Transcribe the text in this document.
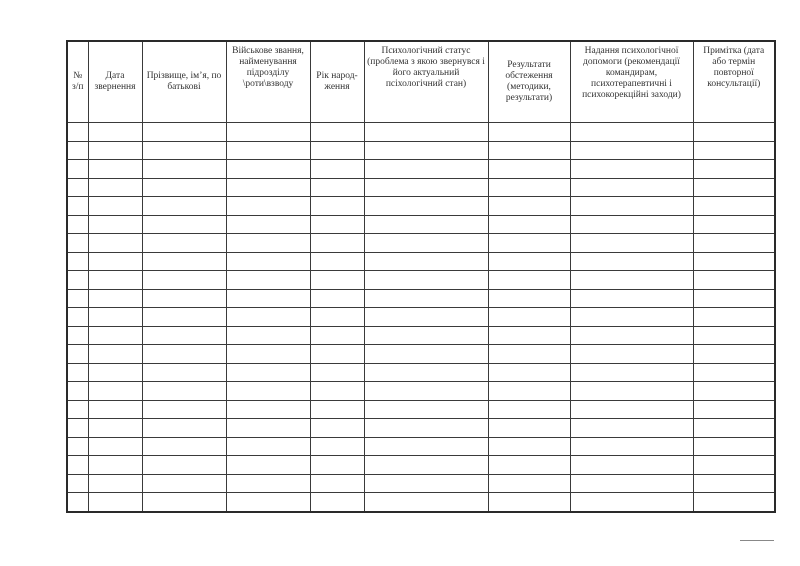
№ з/п	Дата звернення	Прізвище, ім’я, по батькові	Військове звання, найменування підрозділу \роти\взводу	Рік народ-ження	Психологічний статус (проблема з якою звернувся і його актуальний псіхологічний стан)	Результати обстеження (методики, результати)	Надання психологічної допомоги (рекомендації командирам, психотерапевтичні і психокорекційні заходи)	Примітка (дата або термін повторної консультації)
